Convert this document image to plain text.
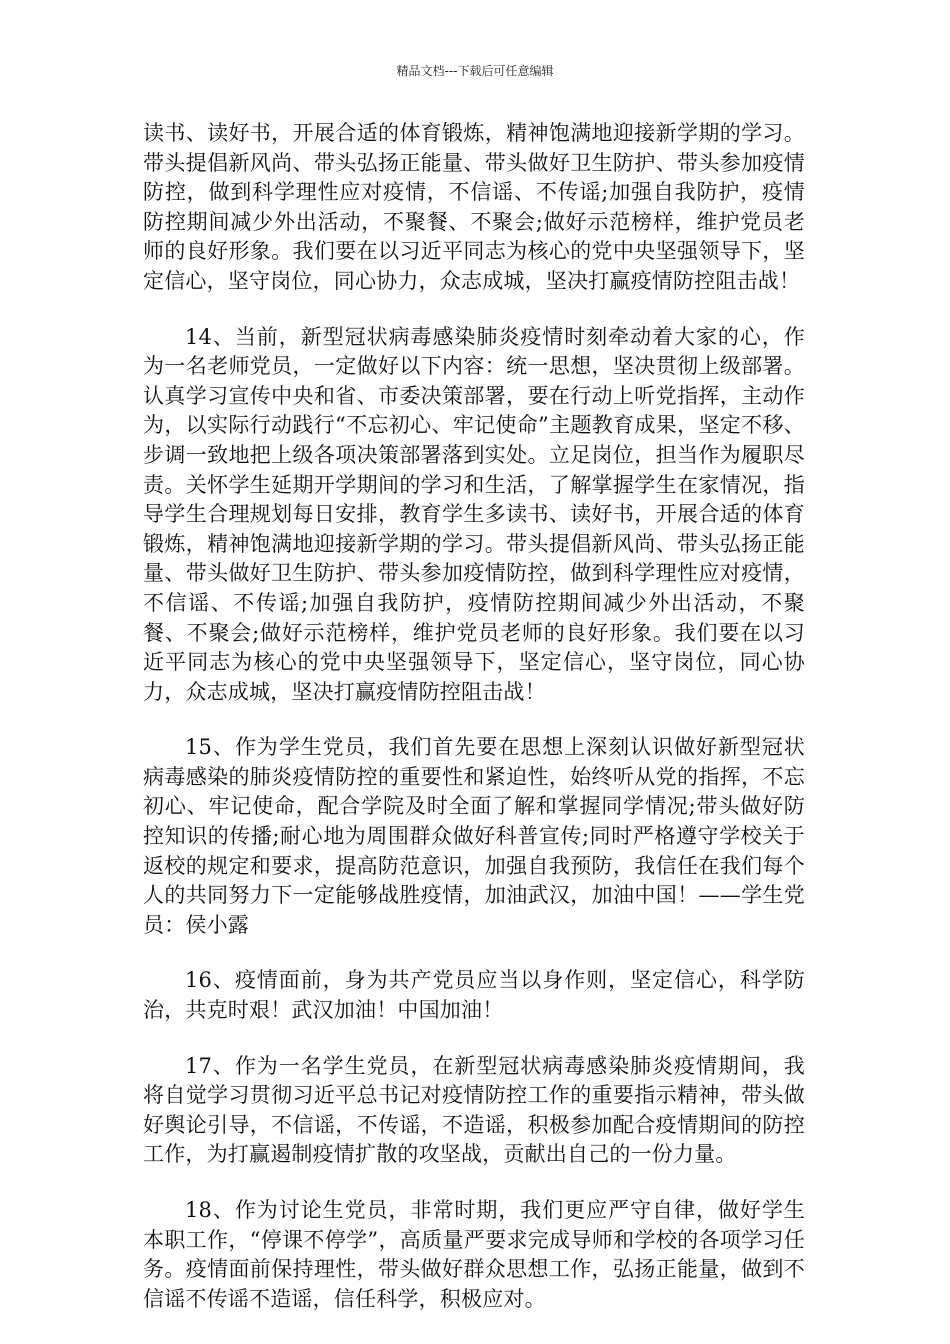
精品文档---下载后可任意编辑

读书、读好书，开展合适的体育锻炼，精神饱满地迎接新学期的学习。带头提倡新风尚、带头弘扬正能量、带头做好卫生防护、带头参加疫情防控，做到科学理性应对疫情，不信谣、不传谣;加强自我防护，疫情防控期间减少外出活动，不聚餐、不聚会;做好示范榜样，维护党员老师的良好形象。我们要在以习近平同志为核心的党中央坚强领导下，坚定信心，坚守岗位，同心协力，众志成城，坚决打赢疫情防控阻击战！

14、当前，新型冠状病毒感染肺炎疫情时刻牵动着大家的心，作为一名老师党员，一定做好以下内容：统一思想，坚决贯彻上级部署。认真学习宣传中央和省、市委决策部署，要在行动上听党指挥，主动作为，以实际行动践行“不忘初心、牢记使命”主题教育成果，坚定不移、步调一致地把上级各项决策部署落到实处。立足岗位，担当作为履职尽责。关怀学生延期开学期间的学习和生活，了解掌握学生在家情况，指导学生合理规划每日安排，教育学生多读书、读好书，开展合适的体育锻炼，精神饱满地迎接新学期的学习。带头提倡新风尚、带头弘扬正能量、带头做好卫生防护、带头参加疫情防控，做到科学理性应对疫情，不信谣、不传谣;加强自我防护，疫情防控期间减少外出活动，不聚餐、不聚会;做好示范榜样，维护党员老师的良好形象。我们要在以习近平同志为核心的党中央坚强领导下，坚定信心，坚守岗位，同心协力，众志成城，坚决打赢疫情防控阻击战！

15、作为学生党员，我们首先要在思想上深刻认识做好新型冠状病毒感染的肺炎疫情防控的重要性和紧迫性，始终听从党的指挥，不忘初心、牢记使命，配合学院及时全面了解和掌握同学情况;带头做好防控知识的传播;耐心地为周围群众做好科普宣传;同时严格遵守学校关于返校的规定和要求，提高防范意识，加强自我预防，我信任在我们每个人的共同努力下一定能够战胜疫情，加油武汉，加油中国！——学生党员：侯小露

16、疫情面前，身为共产党员应当以身作则，坚定信心，科学防治，共克时艰！武汉加油！中国加油！

17、作为一名学生党员，在新型冠状病毒感染肺炎疫情期间，我将自觉学习贯彻习近平总书记对疫情防控工作的重要指示精神，带头做好舆论引导，不信谣，不传谣，不造谣，积极参加配合疫情期间的防控工作，为打赢遏制疫情扩散的攻坚战，贡献出自己的一份力量。

18、作为讨论生党员，非常时期，我们更应严守自律，做好学生本职工作，“停课不停学”，高质量严要求完成导师和学校的各项学习任务。疫情面前保持理性，带头做好群众思想工作，弘扬正能量，做到不信谣不传谣不造谣，信任科学，积极应对。
